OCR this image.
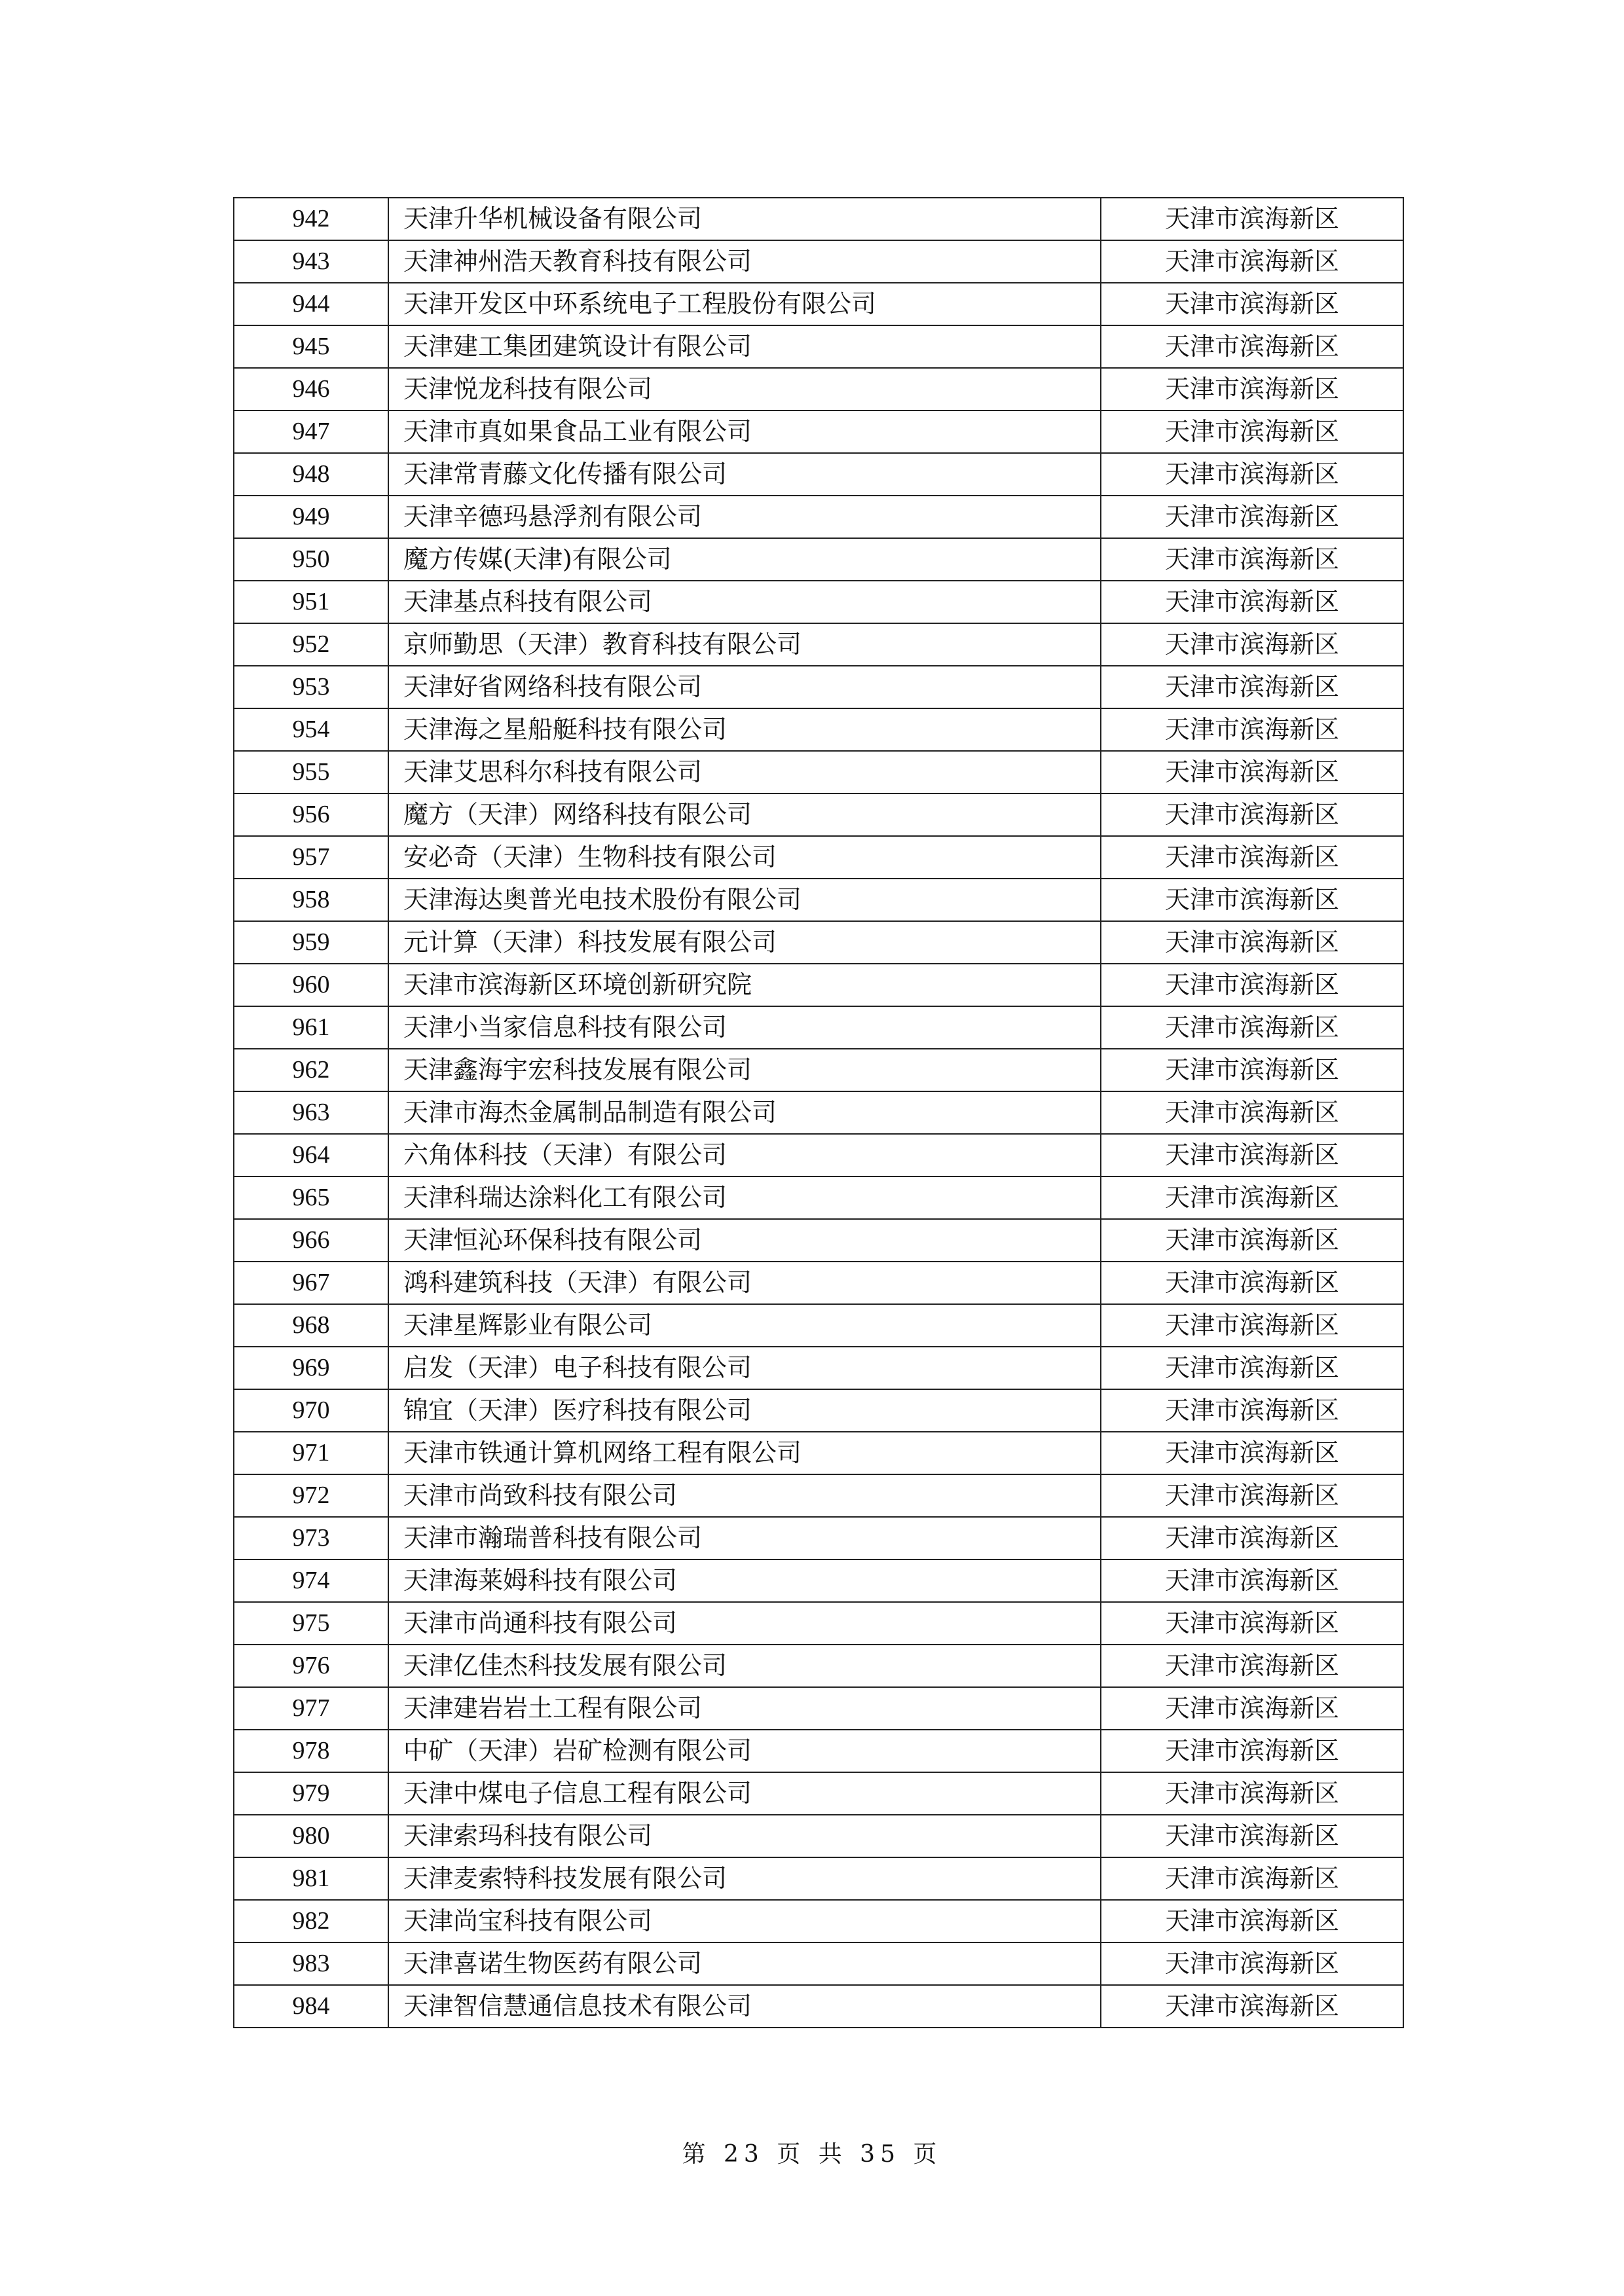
942	天津升华机械设备有限公司	天津市滨海新区
943	天津神州浩天教育科技有限公司	天津市滨海新区
944	天津开发区中环系统电子工程股份有限公司	天津市滨海新区
945	天津建工集团建筑设计有限公司	天津市滨海新区
946	天津悦龙科技有限公司	天津市滨海新区
947	天津市真如果食品工业有限公司	天津市滨海新区
948	天津常青藤文化传播有限公司	天津市滨海新区
949	天津辛德玛悬浮剂有限公司	天津市滨海新区
950	魔方传媒(天津)有限公司	天津市滨海新区
951	天津基点科技有限公司	天津市滨海新区
952	京师勤思（天津）教育科技有限公司	天津市滨海新区
953	天津好省网络科技有限公司	天津市滨海新区
954	天津海之星船艇科技有限公司	天津市滨海新区
955	天津艾思科尔科技有限公司	天津市滨海新区
956	魔方（天津）网络科技有限公司	天津市滨海新区
957	安必奇（天津）生物科技有限公司	天津市滨海新区
958	天津海达奥普光电技术股份有限公司	天津市滨海新区
959	元计算（天津）科技发展有限公司	天津市滨海新区
960	天津市滨海新区环境创新研究院	天津市滨海新区
961	天津小当家信息科技有限公司	天津市滨海新区
962	天津鑫海宇宏科技发展有限公司	天津市滨海新区
963	天津市海杰金属制品制造有限公司	天津市滨海新区
964	六角体科技（天津）有限公司	天津市滨海新区
965	天津科瑞达涂料化工有限公司	天津市滨海新区
966	天津恒沁环保科技有限公司	天津市滨海新区
967	鸿科建筑科技（天津）有限公司	天津市滨海新区
968	天津星辉影业有限公司	天津市滨海新区
969	启发（天津）电子科技有限公司	天津市滨海新区
970	锦宜（天津）医疗科技有限公司	天津市滨海新区
971	天津市铁通计算机网络工程有限公司	天津市滨海新区
972	天津市尚致科技有限公司	天津市滨海新区
973	天津市瀚瑞普科技有限公司	天津市滨海新区
974	天津海莱姆科技有限公司	天津市滨海新区
975	天津市尚通科技有限公司	天津市滨海新区
976	天津亿佳杰科技发展有限公司	天津市滨海新区
977	天津建岩岩土工程有限公司	天津市滨海新区
978	中矿（天津）岩矿检测有限公司	天津市滨海新区
979	天津中煤电子信息工程有限公司	天津市滨海新区
980	天津索玛科技有限公司	天津市滨海新区
981	天津麦索特科技发展有限公司	天津市滨海新区
982	天津尚宝科技有限公司	天津市滨海新区
983	天津喜诺生物医药有限公司	天津市滨海新区
984	天津智信慧通信息技术有限公司	天津市滨海新区
第 23 页 共 35 页
